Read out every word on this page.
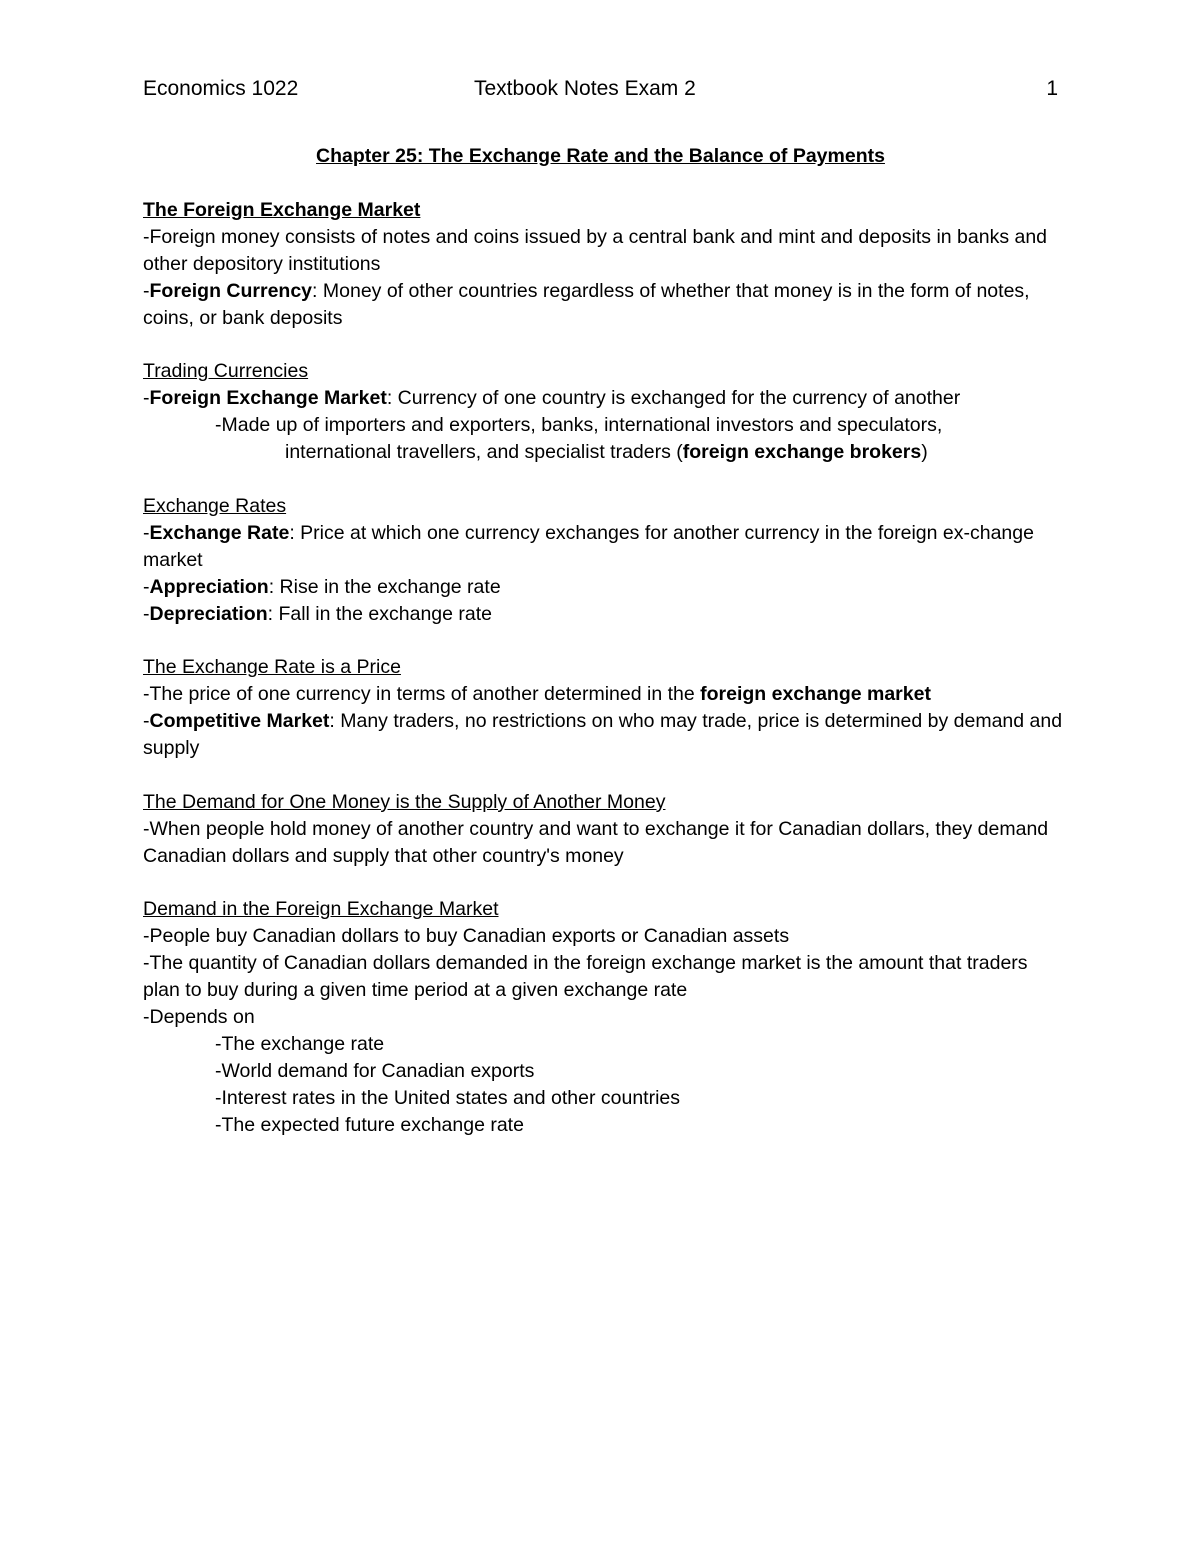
Economics 1022	Textbook Notes Exam 2	1
Chapter 25: The Exchange Rate and the Balance of Payments

The Foreign Exchange Market

-Foreign money consists of notes and coins issued by a central bank and mint and deposits in banks and other depository institutions

-Foreign Currency: Money of other countries regardless of whether that money is in the form of notes, coins, or bank deposits

Trading Currencies

-Foreign Exchange Market: Currency of one country is exchanged for the currency of another

-Made up of importers and exporters, banks, international investors and speculators,

international travellers, and specialist traders (foreign exchange brokers)

Exchange Rates

-Exchange Rate: Price at which one currency exchanges for another currency in the foreign ex-change market

-Appreciation: Rise in the exchange rate

-Depreciation: Fall in the exchange rate

The Exchange Rate is a Price

-The price of one currency in terms of another determined in the foreign exchange market

-Competitive Market: Many traders, no restrictions on who may trade, price is determined by demand and supply

The Demand for One Money is the Supply of Another Money

-When people hold money of another country and want to exchange it for Canadian dollars, they demand Canadian dollars and supply that other country's money

Demand in the Foreign Exchange Market

-People buy Canadian dollars to buy Canadian exports or Canadian assets

-The quantity of Canadian dollars demanded in the foreign exchange market is the amount that traders plan to buy during a given time period at a given exchange rate

-Depends on

-The exchange rate

-World demand for Canadian exports

-Interest rates in the United states and other countries

-The expected future exchange rate
